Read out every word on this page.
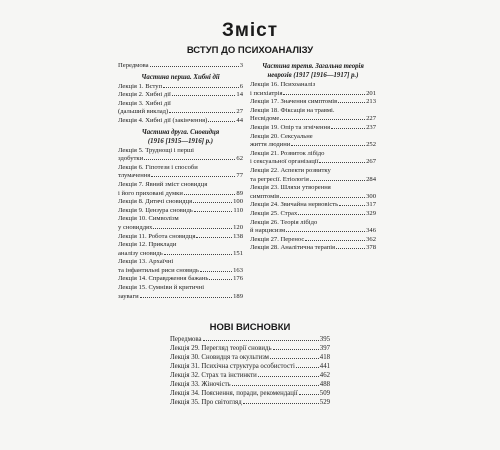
Зміст
ВСТУП ДО ПСИХОАНАЛІЗУ
Передмова	3
Частина перша. Хибні дії
Лекція 1. Вступ	6
Лекція 2. Хибні дії	14
Лекція 3. Хибні дії
(дальший виклад)	27
Лекція 4. Хибні дії (закінчення)	44
Частина друга. Сновидця
(1916 [1915—1916] р.)
Лекція 5. Труднощі і перші
здобутки	62
Лекція 6. Гіпотези і способи
тлумачення	77
Лекція 7. Явний зміст сновидця
і його приховані думки	89
Лекція 8. Дитячі сновидця	100
Лекція 9. Цензура сновидь	110
Лекція 10. Символізм
у сновиддях	120
Лекція 11. Робота сновидця	138
Лекція 12. Приклади
аналізу сновидь	151
Лекція 13. Архаїчні
та інфантильні риси сновидь	163
Лекція 14. Справдження бажань	176
Лекція 15. Сумніви й критичні
зауваги	189
Частина третя. Загальна теорія
неврозів (1917 [1916—1917] р.)
Лекція 16. Психоаналіз
і психіатрія	201
Лекція 17. Значення симптомів	213
Лекція 18. Фіксація на травмі.
Несвідоме	227
Лекція 19. Опір та згнічення	237
Лекція 20. Сексуальне
життя людини	252
Лекція 21. Розвиток лібідо
і сексуальної організації	267
Лекція 22. Аспекти розвитку
та регресії. Етіологія	284
Лекція 23. Шляхи утворення
симптомів	300
Лекція 24. Звичайна нервовість	317
Лекція 25. Страх	329
Лекція 26. Теорія лібідо
й нарцисизм	346
Лекція 27. Перенос	362
Лекція 28. Аналітична терапія	378
НОВІ ВИСНОВКИ
Передмова	395
Лекція 29. Перегляд теорії сновидь	397
Лекція 30. Сновидця та окультизм	418
Лекція 31. Психічна структура особистості	441
Лекція 32. Страх та інстинкти	462
Лекція 33. Жіночість	488
Лекція 34. Пояснення, поради, рекомендації	509
Лекція 35. Про світогляд	529
